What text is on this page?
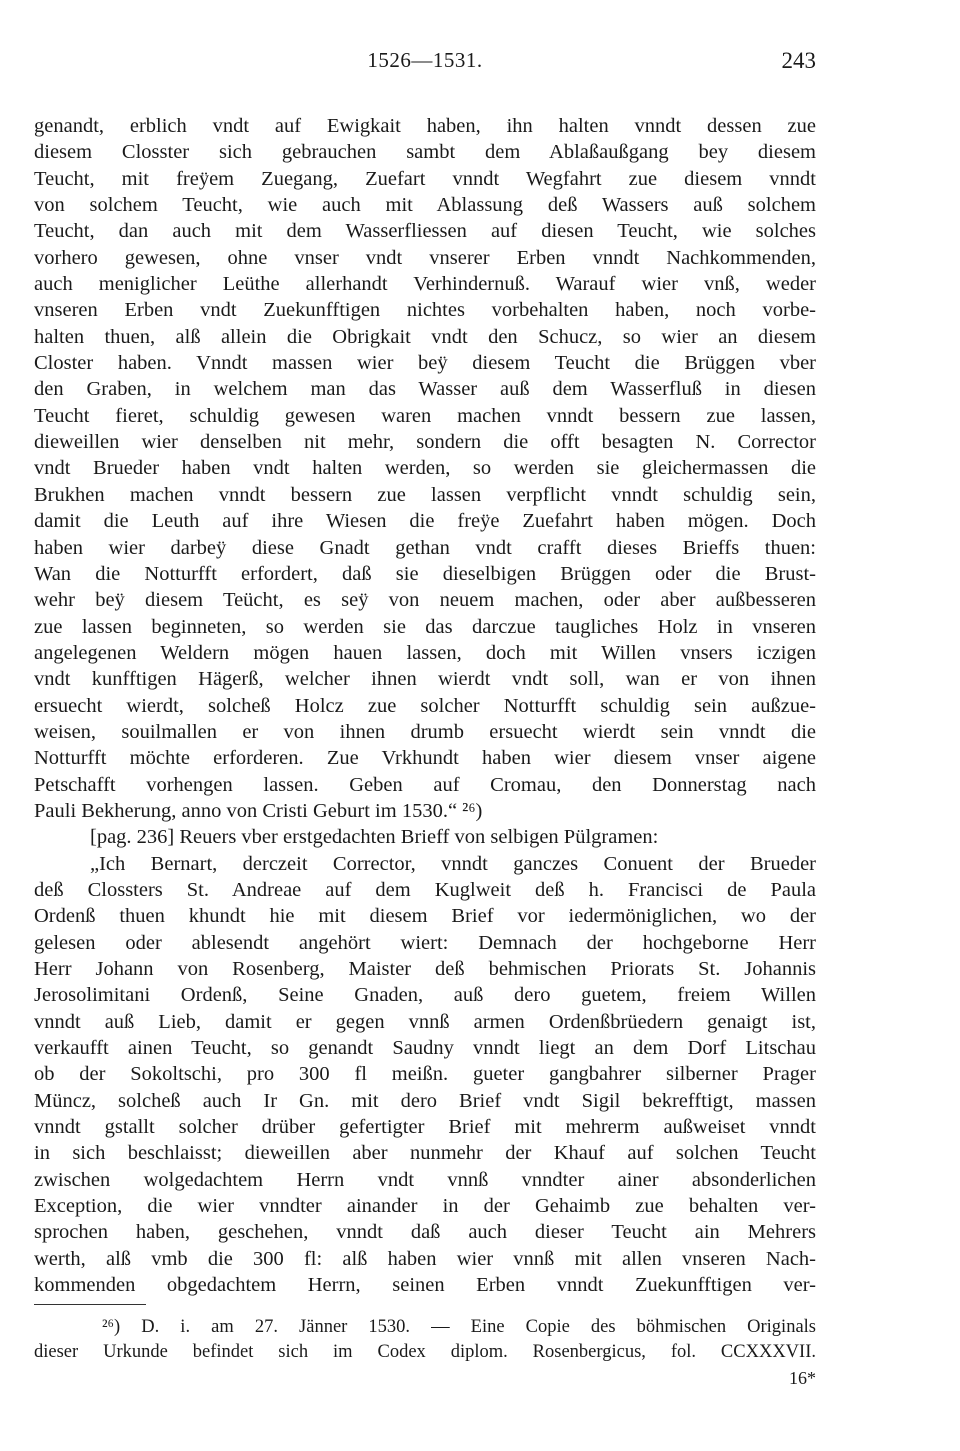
1526—1531.	243
genandt, erblich vndt auf Ewigkait haben, ihn halten vnndt dessen zue
diesem Closster sich gebrauchen sambt dem Ablaßaußgang bey diesem
Teucht, mit freÿem Zuegang, Zuefart vnndt Wegfahrt zue diesem vnndt
von solchem Teucht, wie auch mit Ablassung deß Wassers auß solchem
Teucht, dan auch mit dem Wasserfliessen auf diesen Teucht, wie solches
vorhero gewesen, ohne vnser vndt vnserer Erben vnndt Nachkommenden,
auch meniglicher Leüthe allerhandt Verhindernuß. Warauf wier vnß, weder
vnseren Erben vndt Zuekunfftigen nichtes vorbehalten haben, noch vorbe-
halten thuen, alß allein die Obrigkait vndt den Schucz, so wier an diesem
Closter haben. Vnndt massen wier beÿ diesem Teucht die Brüggen vber
den Graben, in welchem man das Wasser auß dem Wasserfluß in diesen
Teucht fieret, schuldig gewesen waren machen vnndt bessern zue lassen,
dieweillen wier denselben nit mehr, sondern die offt besagten N. Corrector
vndt Brueder haben vndt halten werden, so werden sie gleichermassen die
Brukhen machen vnndt bessern zue lassen verpflicht vnndt schuldig sein,
damit die Leuth auf ihre Wiesen die freÿe Zuefahrt haben mögen. Doch
haben wier darbeÿ diese Gnadt gethan vndt crafft dieses Brieffs thuen:
Wan die Notturfft erfordert, daß sie dieselbigen Brüggen oder die Brust-
wehr beÿ diesem Teücht, es seÿ von neuem machen, oder aber außbesseren
zue lassen beginneten, so werden sie das darczue taugliches Holz in vnseren
angelegenen Weldern mögen hauen lassen, doch mit Willen vnsers iczigen
vndt kunfftigen Hägerß, welcher ihnen wierdt vndt soll, wan er von ihnen
ersuecht wierdt, solcheß Holcz zue solcher Notturfft schuldig sein außzue-
weisen, souilmallen er von ihnen drumb ersuecht wierdt sein vnndt die
Notturfft möchte erforderen. Zue Vrkhundt haben wier diesem vnser aigene
Petschafft vorhengen lassen. Geben auf Cromau, den Donnerstag nach
Pauli Bekherung, anno von Cristi Geburt im 1530.“ ²⁶)
[pag. 236] Reuers vber erstgedachten Brieff von selbigen Pülgramen:
„Ich Bernart, derczeit Corrector, vnndt ganczes Conuent der Brueder
deß Clossters St. Andreae auf dem Kuglweit deß h. Francisci de Paula
Ordenß thuen khundt hie mit diesem Brief vor iedermöniglichen, wo der
gelesen oder ablesendt angehört wiert: Demnach der hochgeborne Herr
Herr Johann von Rosenberg, Maister deß behmischen Priorats St. Johannis
Jerosolimitani Ordenß, Seine Gnaden, auß dero guetem, freiem Willen
vnndt auß Lieb, damit er gegen vnnß armen Ordenßbrüedern genaigt ist,
verkaufft ainen Teucht, so genandt Saudny vnndt liegt an dem Dorf Litschau
ob der Sokoltschi, pro 300 fl meißn. gueter gangbahrer silberner Prager
Müncz, solcheß auch Ir Gn. mit dero Brief vndt Sigil bekrefftigt, massen
vnndt gstallt solcher drüber gefertigter Brief mit mehrerm außweiset vnndt
in sich beschlaisst; dieweillen aber nunmehr der Khauf auf solchen Teucht
zwischen wolgedachtem Herrn vndt vnnß vnndter ainer absonderlichen
Exception, die wier vnndter ainander in der Gehaimb zue behalten ver-
sprochen haben, geschehen, vnndt daß auch dieser Teucht ain Mehrers
werth, alß vmb die 300 fl: alß haben wier vnnß mit allen vnseren Nach-
kommenden obgedachtem Herrn, seinen Erben vnndt Zuekunfftigen ver-
²⁶) D. i. am 27. Jänner 1530. — Eine Copie des böhmischen Originals
dieser Urkunde befindet sich im Codex diplom. Rosenbergicus, fol. CCXXXVII.
16*
